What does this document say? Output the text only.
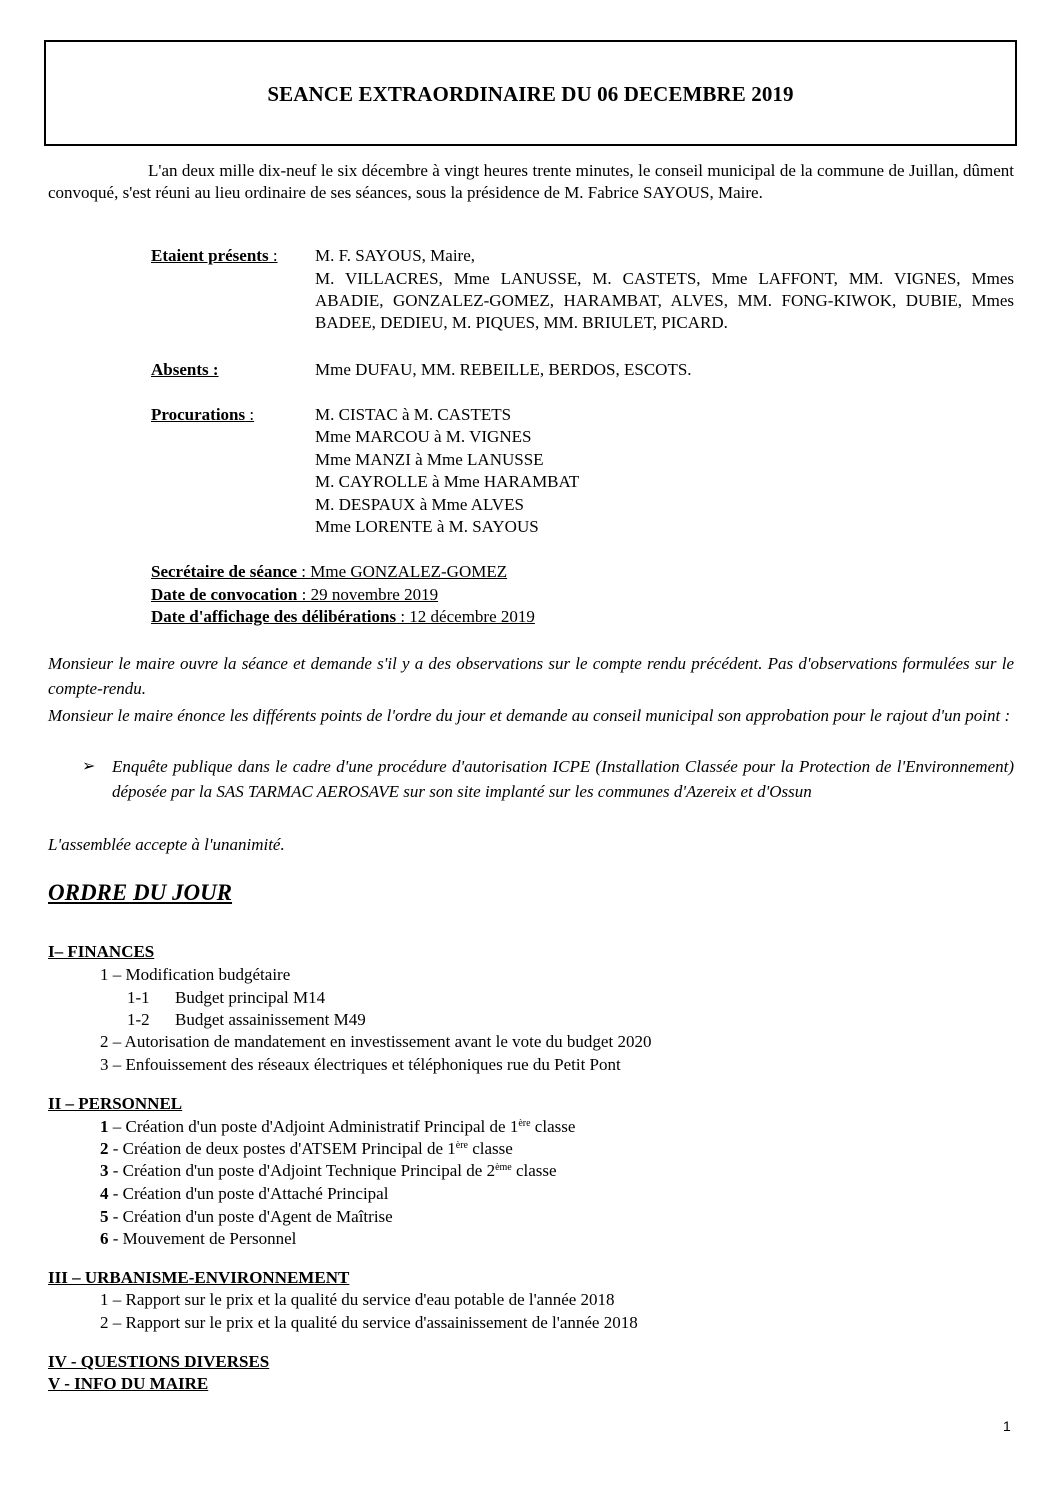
SEANCE EXTRAORDINAIRE DU 06 DECEMBRE 2019
L'an deux mille dix-neuf le six décembre à vingt heures trente minutes, le conseil municipal de la commune de Juillan, dûment convoqué, s'est réuni au lieu ordinaire de ses séances, sous la présidence de M. Fabrice SAYOUS, Maire.
Etaient présents : M. F. SAYOUS, Maire,
M. VILLACRES, Mme LANUSSE, M. CASTETS, Mme LAFFONT, MM. VIGNES, Mmes ABADIE, GONZALEZ-GOMEZ, HARAMBAT, ALVES, MM. FONG-KIWOK, DUBIE, Mmes BADEE, DEDIEU, M. PIQUES, MM. BRIULET, PICARD.
Absents :	Mme DUFAU, MM. REBEILLE, BERDOS, ESCOTS.
Procurations :	M. CISTAC à M. CASTETS
Mme MARCOU à M. VIGNES
Mme MANZI à Mme LANUSSE
M. CAYROLLE à Mme HARAMBAT
M. DESPAUX à Mme ALVES
Mme LORENTE à M. SAYOUS
Secrétaire de séance : Mme GONZALEZ-GOMEZ
Date de convocation : 29 novembre 2019
Date d'affichage des délibérations : 12 décembre 2019
Monsieur le maire ouvre la séance et demande s'il y a des observations sur le compte rendu précédent. Pas d'observations formulées sur le compte-rendu.
Monsieur le maire énonce les différents points de l'ordre du jour et demande au conseil municipal son approbation pour le rajout d'un point :
➢ Enquête publique dans le cadre d'une procédure d'autorisation ICPE (Installation Classée pour la Protection de l'Environnement) déposée par la SAS TARMAC AEROSAVE sur son site implanté sur les communes d'Azereix et d'Ossun
L'assemblée accepte à l'unanimité.
ORDRE DU JOUR
I– FINANCES
1 – Modification budgétaire
1-1 Budget principal M14
1-2 Budget assainissement M49
2 – Autorisation de mandatement en investissement avant le vote du budget 2020
3 – Enfouissement des réseaux électriques et téléphoniques rue du Petit Pont
II – PERSONNEL
1 – Création d'un poste d'Adjoint Administratif Principal de 1ère classe
2 - Création de deux postes d'ATSEM Principal de 1ère classe
3 - Création d'un poste d'Adjoint Technique Principal de 2ème classe
4 - Création d'un poste d'Attaché Principal
5 - Création d'un poste d'Agent de Maîtrise
6 - Mouvement de Personnel
III – URBANISME-ENVIRONNEMENT
1 – Rapport sur le prix et la qualité du service d'eau potable de l'année 2018
2 – Rapport sur le prix et la qualité du service d'assainissement de l'année 2018
IV - QUESTIONS DIVERSES
V - INFO DU MAIRE
1
